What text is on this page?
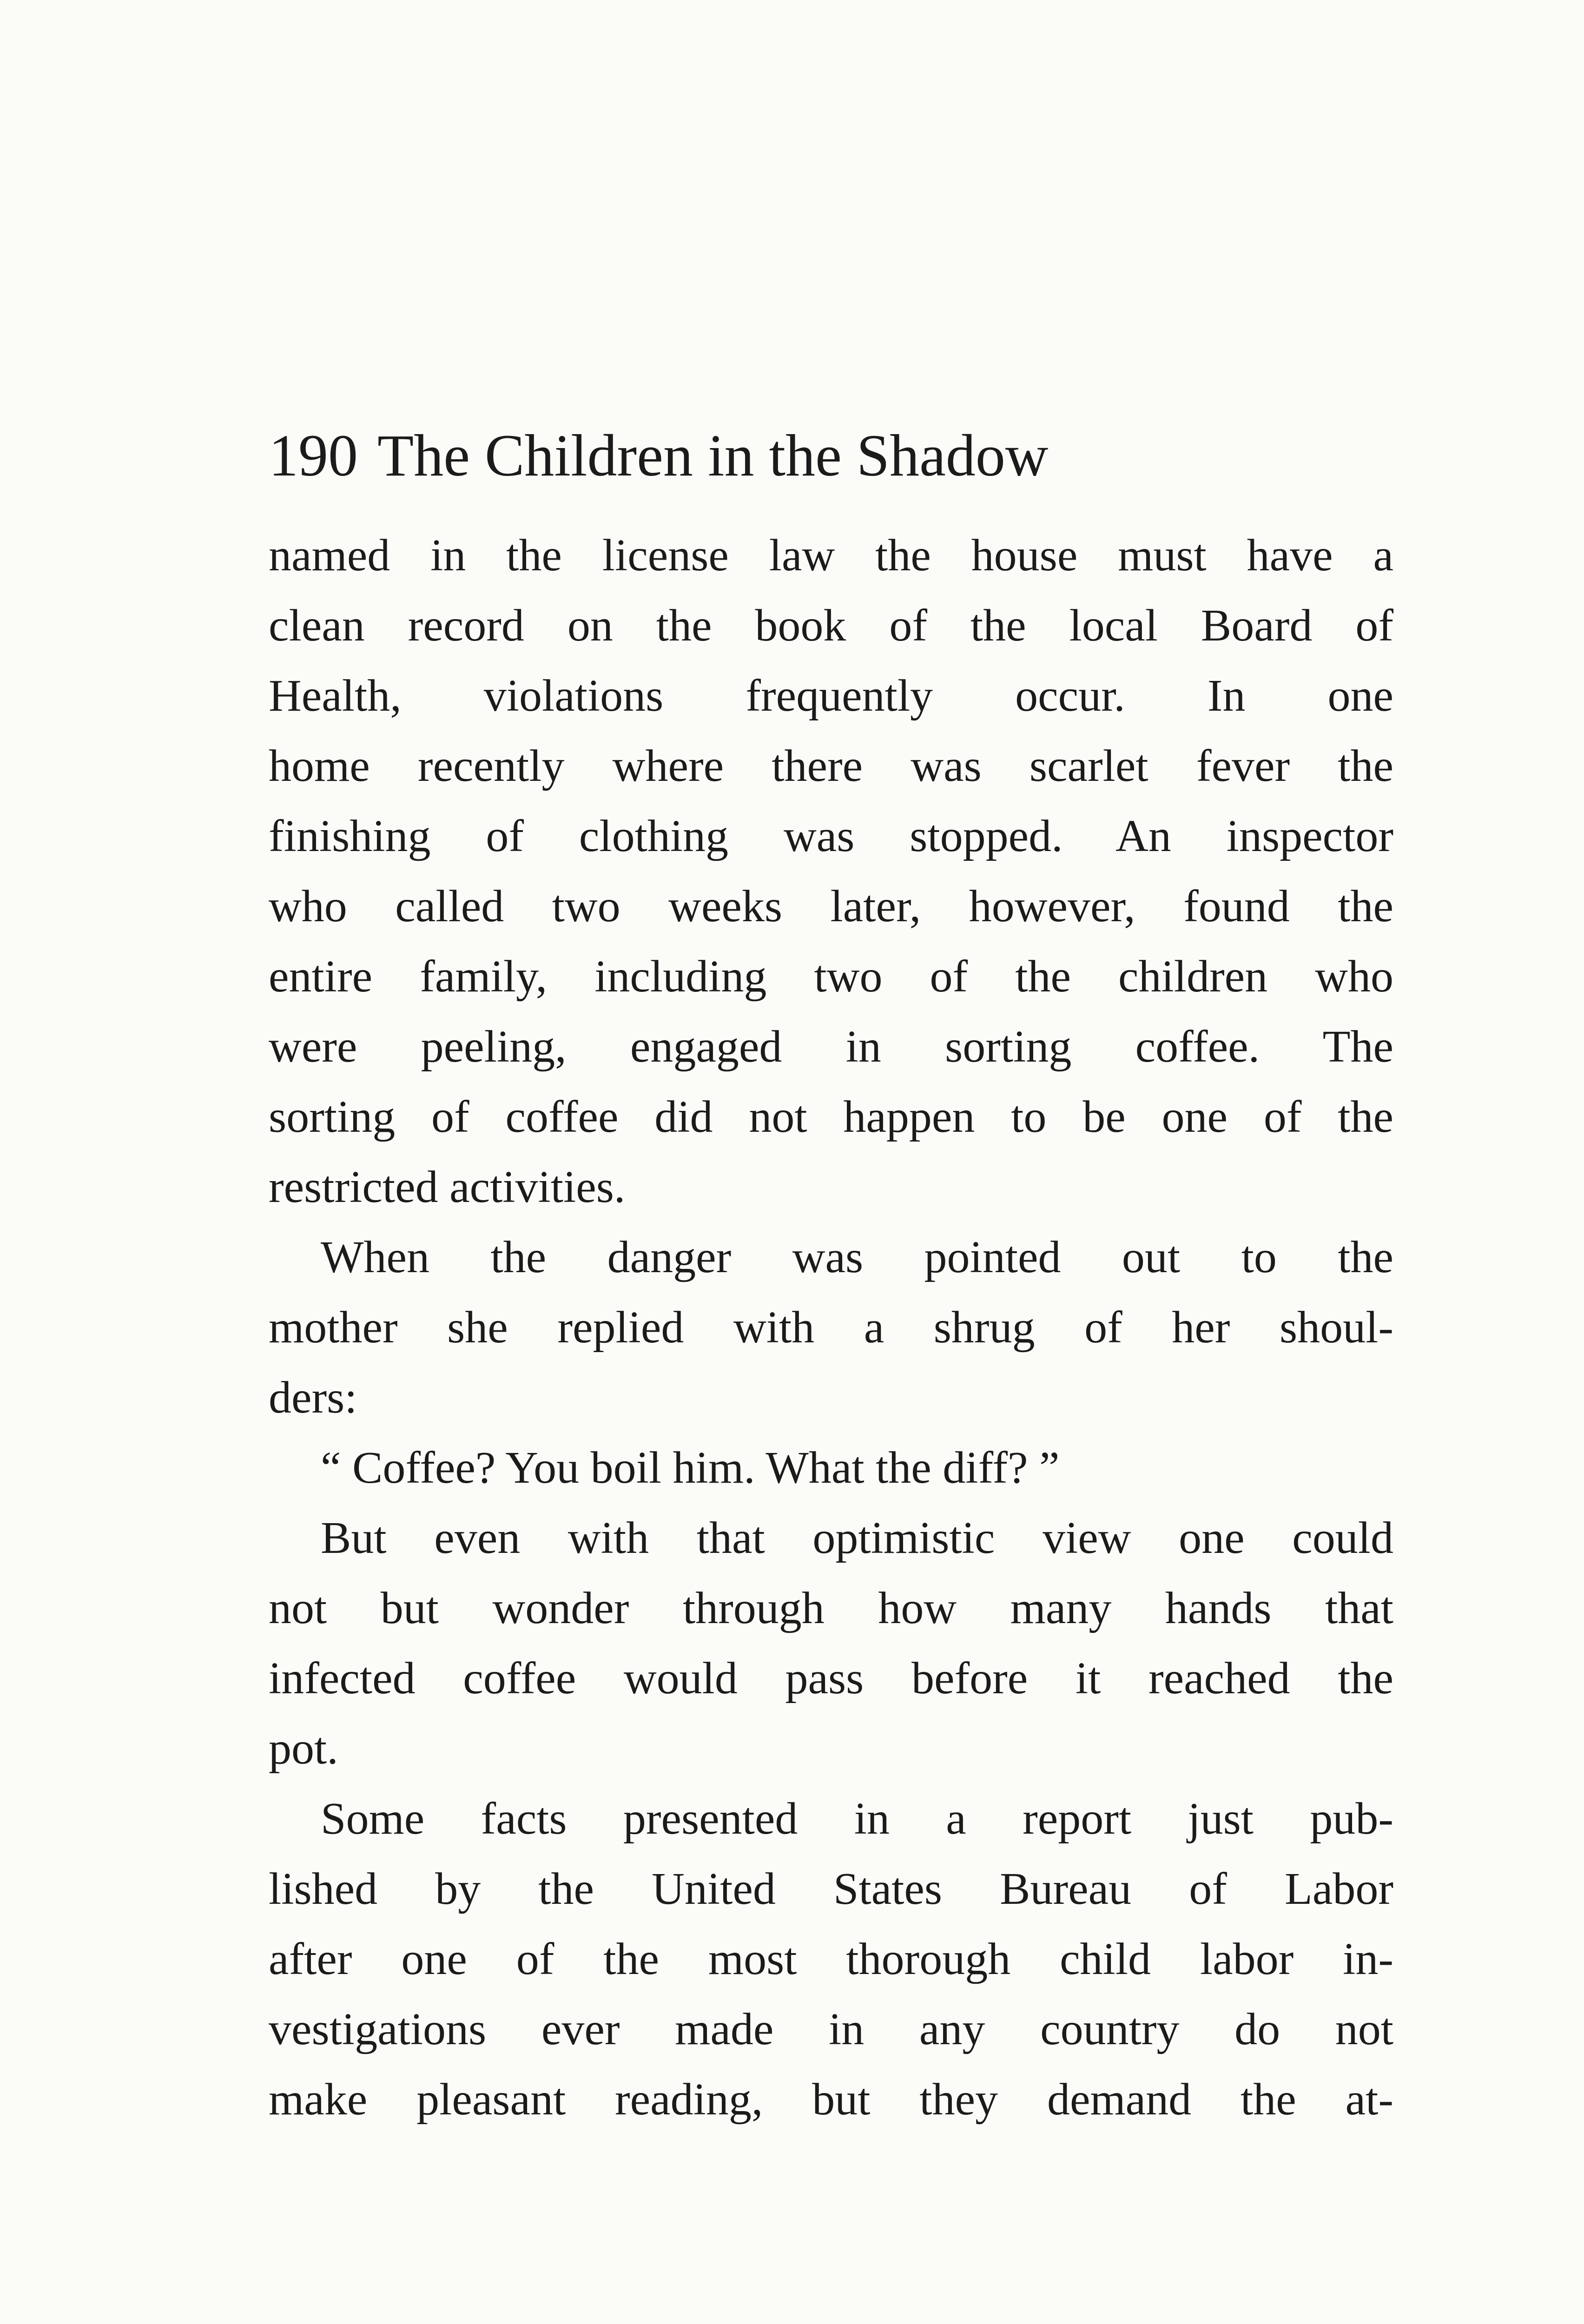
190 The Children in the Shadow
named in the license law the house must have a
clean record on the book of the local Board of
Health, violations frequently occur. In one
home recently where there was scarlet fever the
finishing of clothing was stopped. An inspector
who called two weeks later, however, found the
entire family, including two of the children who
were peeling, engaged in sorting coffee. The
sorting of coffee did not happen to be one of the
restricted activities.
When the danger was pointed out to the
mother she replied with a shrug of her shoul-
ders:
“ Coffee? You boil him. What the diff? ”
But even with that optimistic view one could
not but wonder through how many hands that
infected coffee would pass before it reached the
pot.
Some facts presented in a report just pub-
lished by the United States Bureau of Labor
after one of the most thorough child labor in-
vestigations ever made in any country do not
make pleasant reading, but they demand the at-
